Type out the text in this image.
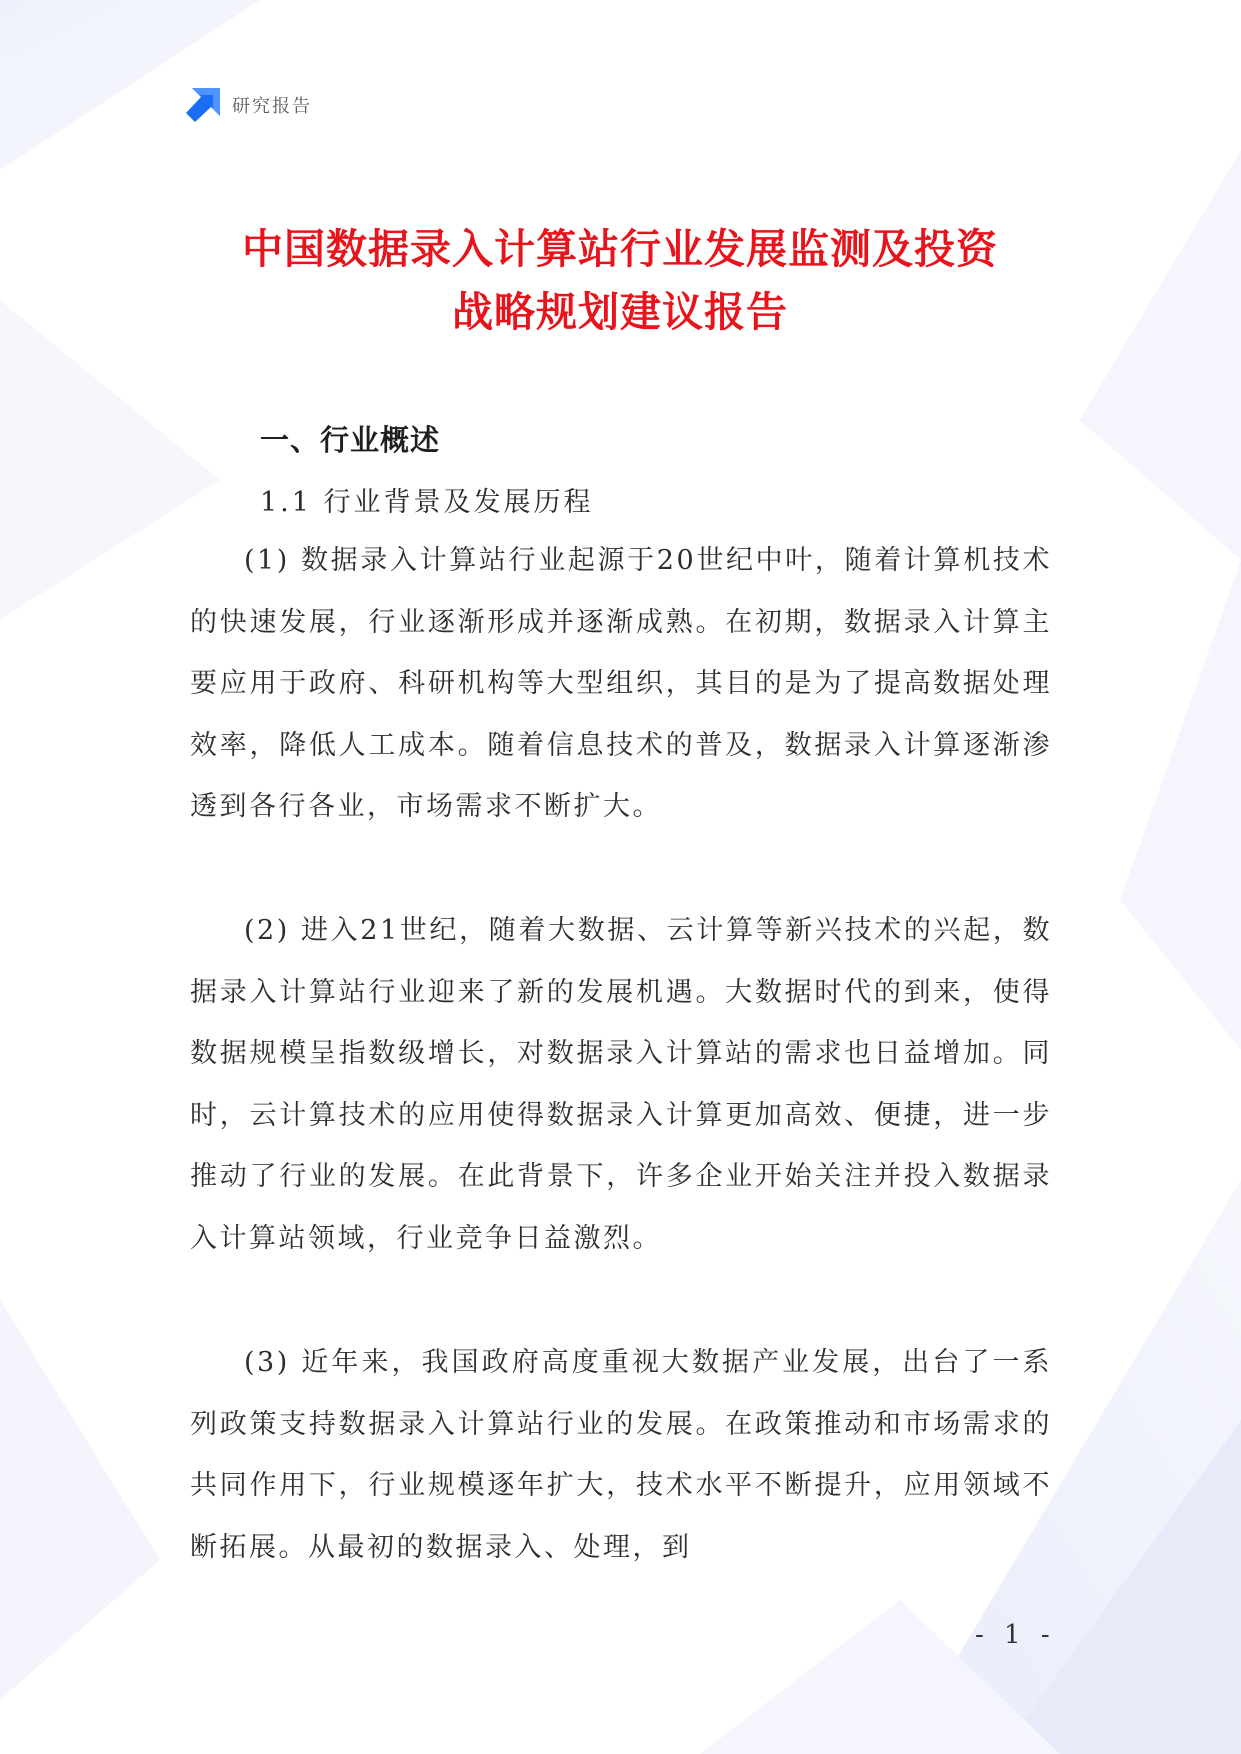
研究报告
中国数据录入计算站行业发展监测及投资
战略规划建议报告
一、行业概述
1.1 行业背景及发展历程

(1) 数据录入计算站行业起源于20世纪中叶，随着计算机技术的快速发展，行业逐渐形成并逐渐成熟。在初期，数据录入计算主要应用于政府、科研机构等大型组织，其目的是为了提高数据处理效率，降低人工成本。随着信息技术的普及，数据录入计算逐渐渗透到各行各业，市场需求不断扩大。

(2) 进入21世纪，随着大数据、云计算等新兴技术的兴起，数据录入计算站行业迎来了新的发展机遇。大数据时代的到来，使得数据规模呈指数级增长，对数据录入计算站的需求也日益增加。同时，云计算技术的应用使得数据录入计算更加高效、便捷，进一步推动了行业的发展。在此背景下，许多企业开始关注并投入数据录入计算站领域，行业竞争日益激烈。

(3) 近年来，我国政府高度重视大数据产业发展，出台了一系列政策支持数据录入计算站行业的发展。在政策推动和市场需求的共同作用下，行业规模逐年扩大，技术水平不断提升，应用领域不断拓展。从最初的数据录入、处理，到

- 1 -
